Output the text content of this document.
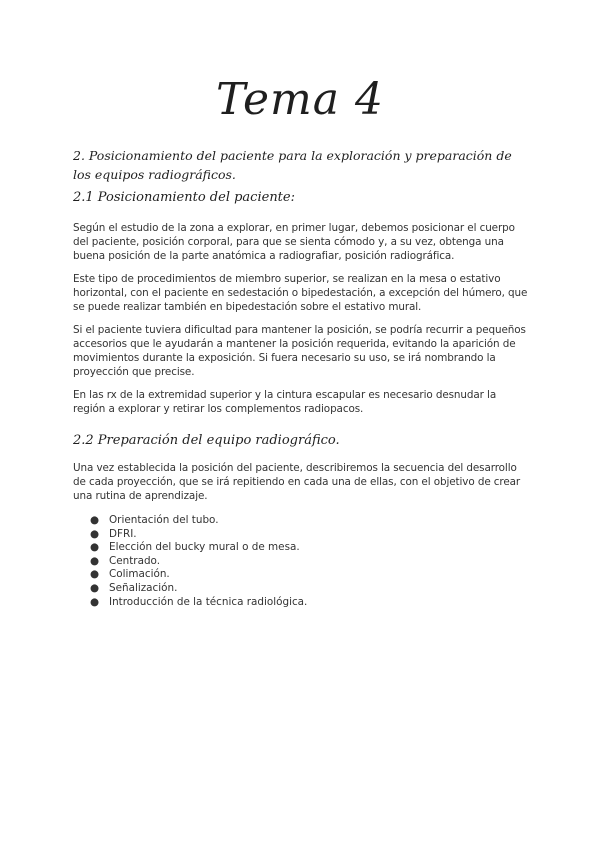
Tema 4
2. Posicionamiento del paciente para la exploración y preparación de los equipos radiográficos.
2.1 Posicionamiento del paciente:

Según el estudio de la zona a explorar, en primer lugar, debemos posicionar el cuerpo del paciente, posición corporal, para que se sienta cómodo y, a su vez, obtenga una buena posición de la parte anatómica a radiografiar, posición radiográfica.

Este tipo de procedimientos de miembro superior, se realizan en la mesa o estativo horizontal, con el paciente en sedestación o bipedestación, a excepción del húmero, que se puede realizar también en bipedestación sobre el estativo mural.

Si el paciente tuviera dificultad para mantener la posición, se podría recurrir a pequeños accesorios que le ayudarán a mantener la posición requerida, evitando la aparición de movimientos durante la exposición. Si fuera necesario su uso, se irá nombrando la proyección que precise.

En las rx de la extremidad superior y la cintura escapular es necesario desnudar la región a explorar y retirar los complementos radiopacos.

2.2 Preparación del equipo radiográfico.

Una vez establecida la posición del paciente, describiremos la secuencia del desarrollo de cada proyección, que se irá repitiendo en cada una de ellas, con el objetivo de crear una rutina de aprendizaje.

● Orientación del tubo.
● DFRI.
● Elección del bucky mural o de mesa.
● Centrado.
● Colimación.
● Señalización.
● Introducción de la técnica radiológica.
